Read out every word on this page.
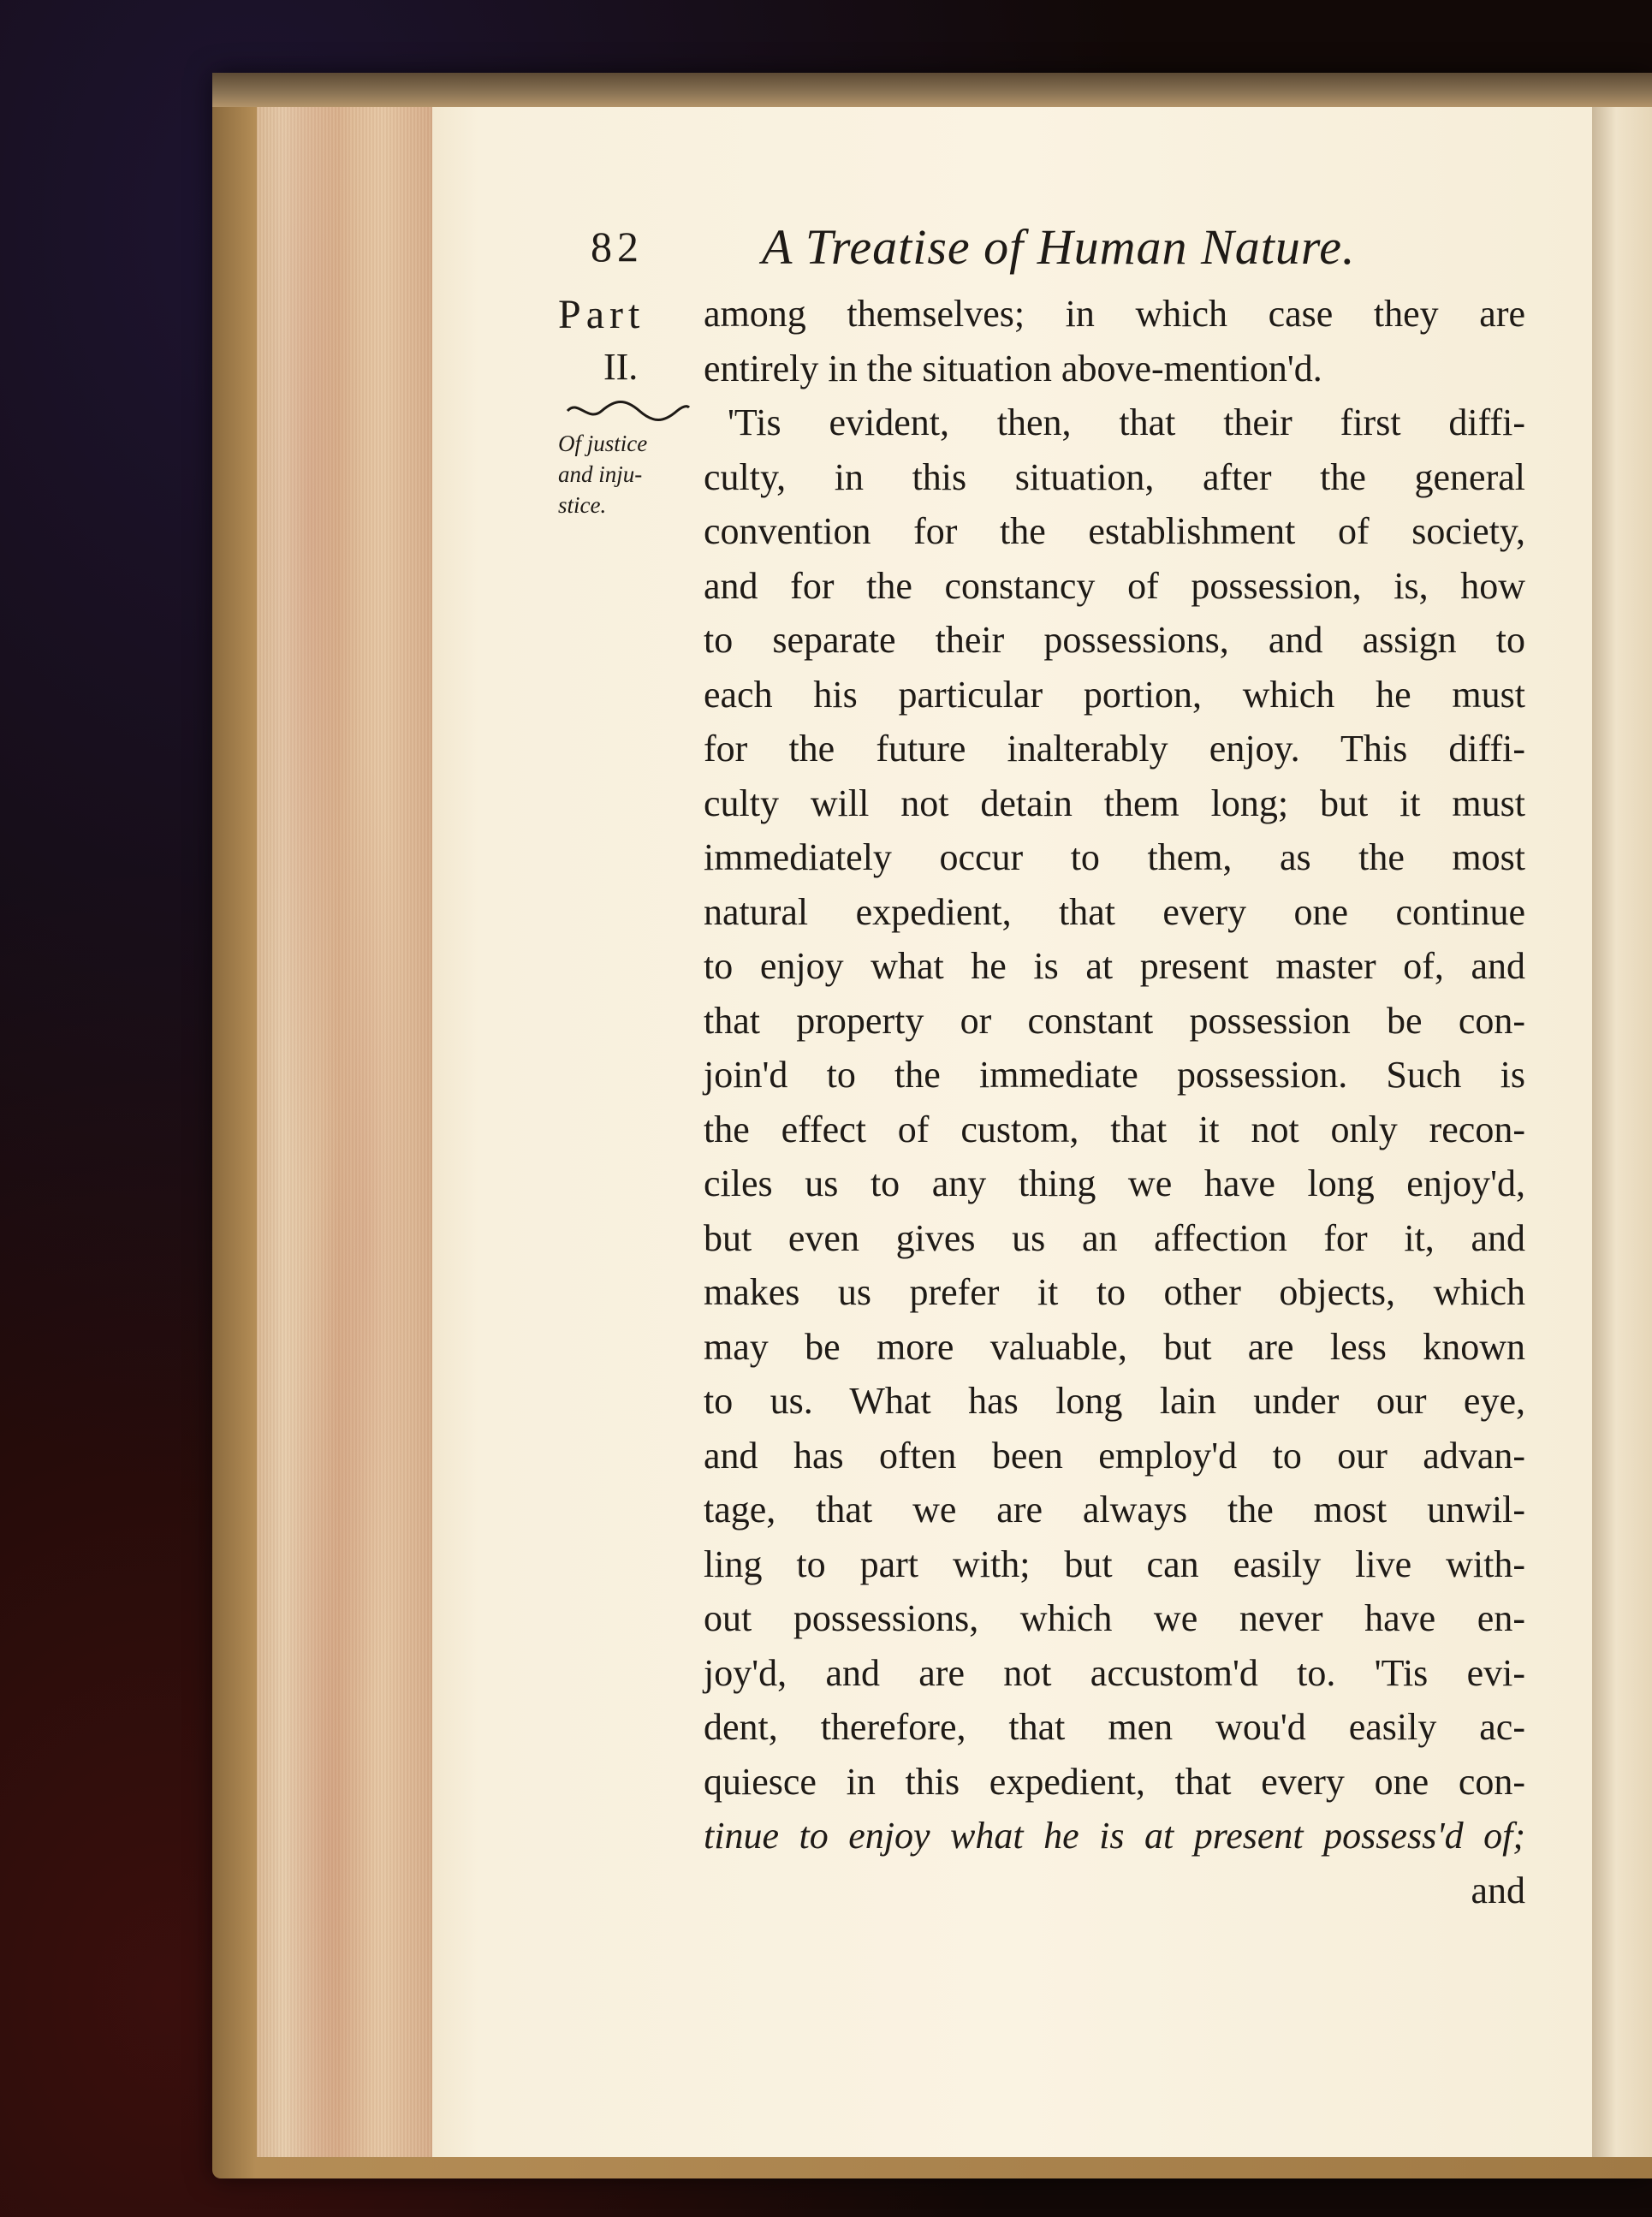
82 A Treatise of Human Nature.
Part
II.
Of justice
and inju-
stice.
among themselves; in which case they are
entirely in the situation above-mention'd.
'Tis evident, then, that their first diffi-
culty, in this situation, after the general
convention for the establishment of society,
and for the constancy of possession, is, how
to separate their possessions, and assign to
each his particular portion, which he must
for the future inalterably enjoy. This diffi-
culty will not detain them long; but it must
immediately occur to them, as the most
natural expedient, that every one continue
to enjoy what he is at present master of, and
that property or constant possession be con-
join'd to the immediate possession. Such is
the effect of custom, that it not only recon-
ciles us to any thing we have long enjoy'd,
but even gives us an affection for it, and
makes us prefer it to other objects, which
may be more valuable, but are less known
to us. What has long lain under our eye,
and has often been employ'd to our advan-
tage, that we are always the most unwil-
ling to part with; but can easily live with-
out possessions, which we never have en-
joy'd, and are not accustom'd to. 'Tis evi-
dent, therefore, that men wou'd easily ac-
quiesce in this expedient, that every one con-
tinue to enjoy what he is at present possess'd of;
and
